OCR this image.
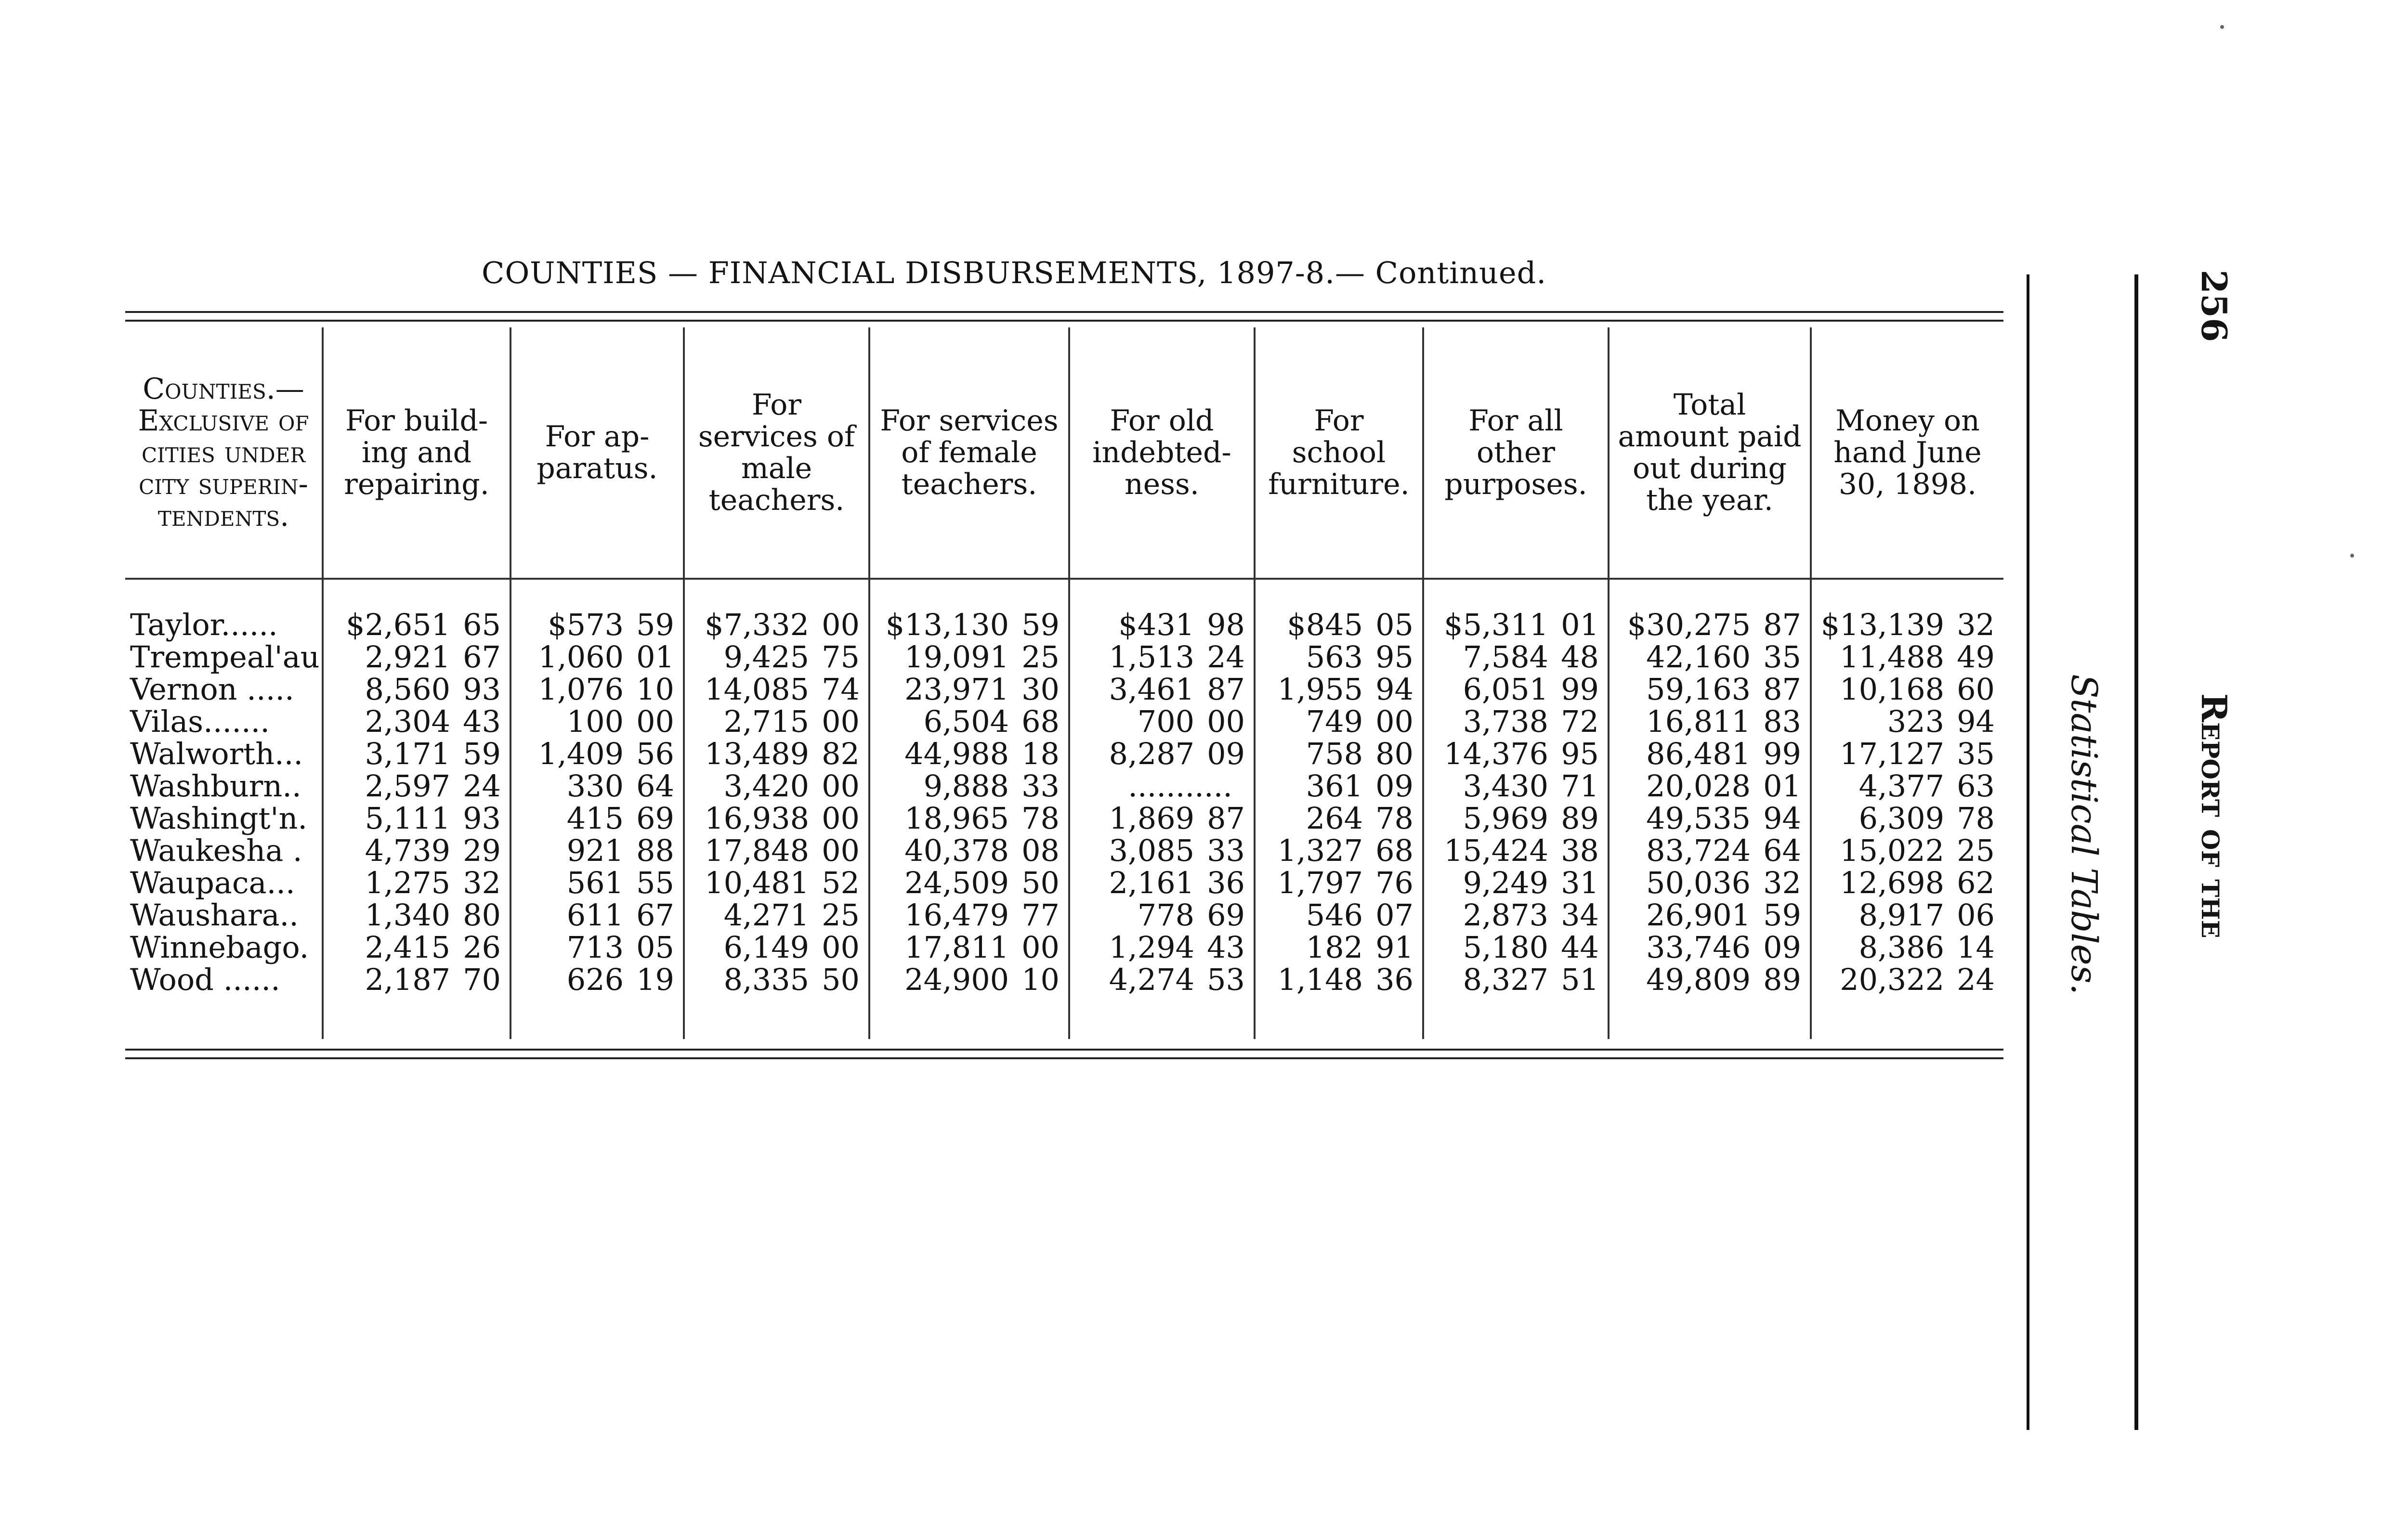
COUNTIES — FINANCIAL DISBURSEMENTS, 1897-8.— Continued.
Counties.— Exclusive of cities under city superin-tendents.	For build-ing and repairing.	For ap-paratus.	For services of male teachers.	For services of female teachers.	For old indebted-ness.	For school furniture.	For all other purposes.	Total amount paid out during the year.	Money on hand June 30, 1898.

Taylor......	$2,651 65	$573 59	$7,332 00	$13,130 59	$431 98	$845 05	$5,311 01	$30,275 87	$13,139 32
Trempeal'au	2,921 67	1,060 01	9,425 75	19,091 25	1,513 24	563 95	7,584 48	42,160 35	11,488 49
Vernon .....	8,560 93	1,076 10	14,085 74	23,971 30	3,461 87	1,955 94	6,051 99	59,163 87	10,168 60
Vilas.......	2,304 43	100 00	2,715 00	6,504 68	700 00	749 00	3,738 72	16,811 83	323 94
Walworth...	3,171 59	1,409 56	13,489 82	44,988 18	8,287 09	758 80	14,376 95	86,481 99	17,127 35
Washburn..	2,597 24	330 64	3,420 00	9,888 33	...........	361 09	3,430 71	20,028 01	4,377 63
Washingt'n.	5,111 93	415 69	16,938 00	18,965 78	1,869 87	264 78	5,969 89	49,535 94	6,309 78
Waukesha .	4,739 29	921 88	17,848 00	40,378 08	3,085 33	1,327 68	15,424 38	83,724 64	15,022 25
Waupaca...	1,275 32	561 55	10,481 52	24,509 50	2,161 36	1,797 76	9,249 31	50,036 32	12,698 62
Waushara..	1,340 80	611 67	4,271 25	16,479 77	778 69	546 07	2,873 34	26,901 59	8,917 06
Winnebago.	2,415 26	713 05	6,149 00	17,811 00	1,294 43	182 91	5,180 44	33,746 09	8,386 14
Wood ......	2,187 70	626 19	8,335 50	24,900 10	4,274 53	1,148 36	8,327 51	49,809 89	20,322 24
									Statistical Tables.	Report of the
256
